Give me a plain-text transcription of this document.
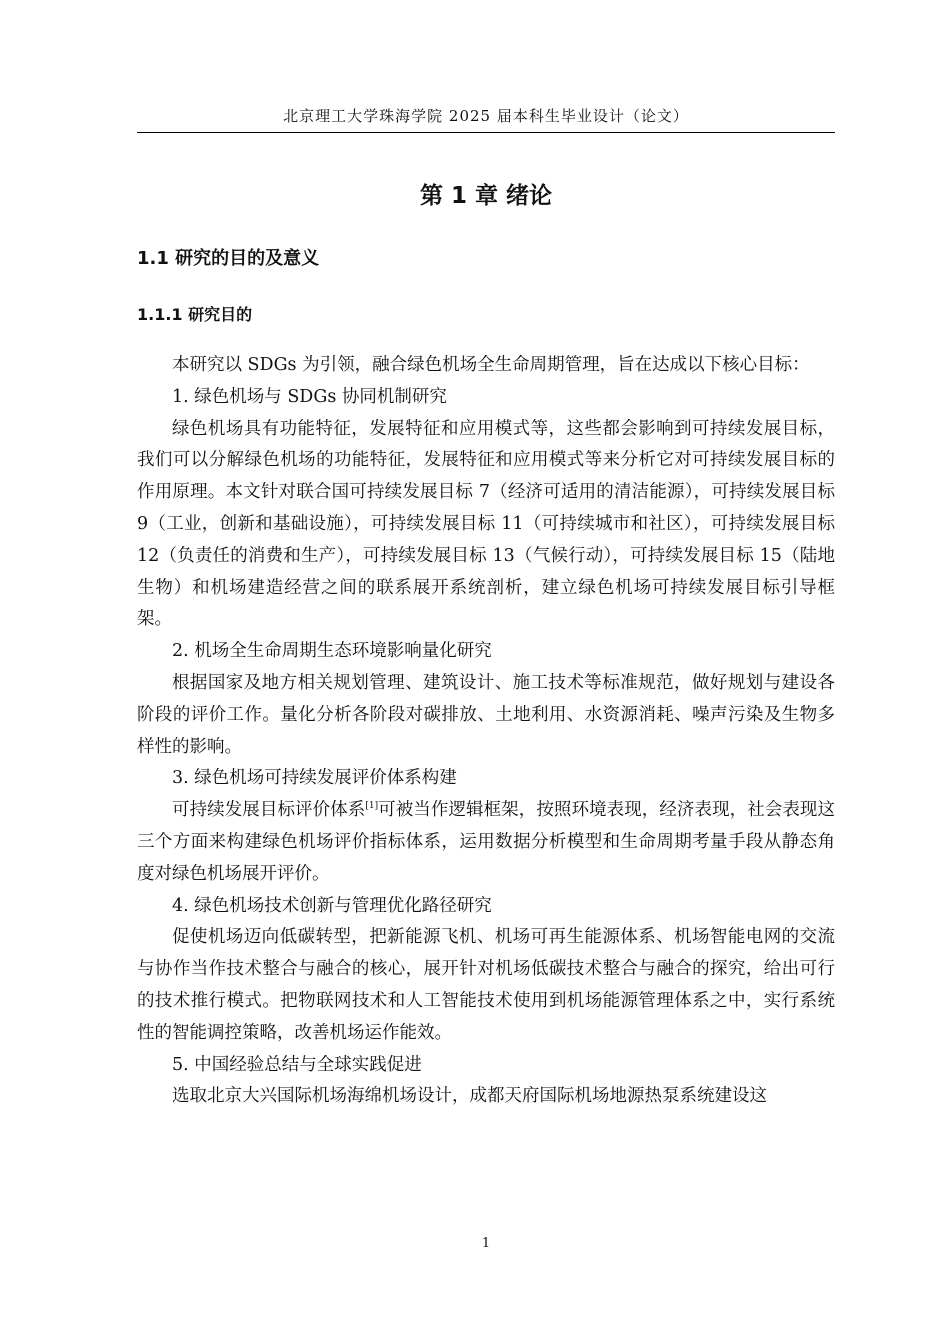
北京理工大学珠海学院 2025 届本科生毕业设计（论文）
第 1 章 绪论
1.1 研究的目的及意义
1.1.1 研究目的

本研究以 SDGs 为引领，融合绿色机场全生命周期管理，旨在达成以下核心目标：

1. 绿色机场与 SDGs 协同机制研究

绿色机场具有功能特征，发展特征和应用模式等，这些都会影响到可持续发展目标，我们可以分解绿色机场的功能特征，发展特征和应用模式等来分析它对可持续发展目标的作用原理。本文针对联合国可持续发展目标 7（经济可适用的清洁能源），可持续发展目标 9（工业，创新和基础设施），可持续发展目标 11（可持续城市和社区），可持续发展目标 12（负责任的消费和生产），可持续发展目标 13（气候行动），可持续发展目标 15（陆地生物）和机场建造经营之间的联系展开系统剖析，建立绿色机场可持续发展目标引导框架。

2. 机场全生命周期生态环境影响量化研究

根据国家及地方相关规划管理、建筑设计、施工技术等标准规范，做好规划与建设各阶段的评价工作。量化分析各阶段对碳排放、土地利用、水资源消耗、噪声污染及生物多样性的影响。

3. 绿色机场可持续发展评价体系构建

可持续发展目标评价体系[1]可被当作逻辑框架，按照环境表现，经济表现，社会表现这三个方面来构建绿色机场评价指标体系，运用数据分析模型和生命周期考量手段从静态角度对绿色机场展开评价。

4. 绿色机场技术创新与管理优化路径研究

促使机场迈向低碳转型，把新能源飞机、机场可再生能源体系、机场智能电网的交流与协作当作技术整合与融合的核心，展开针对机场低碳技术整合与融合的探究，给出可行的技术推行模式。把物联网技术和人工智能技术使用到机场能源管理体系之中，实行系统性的智能调控策略，改善机场运作能效。

5. 中国经验总结与全球实践促进

选取北京大兴国际机场海绵机场设计，成都天府国际机场地源热泵系统建设这

1
